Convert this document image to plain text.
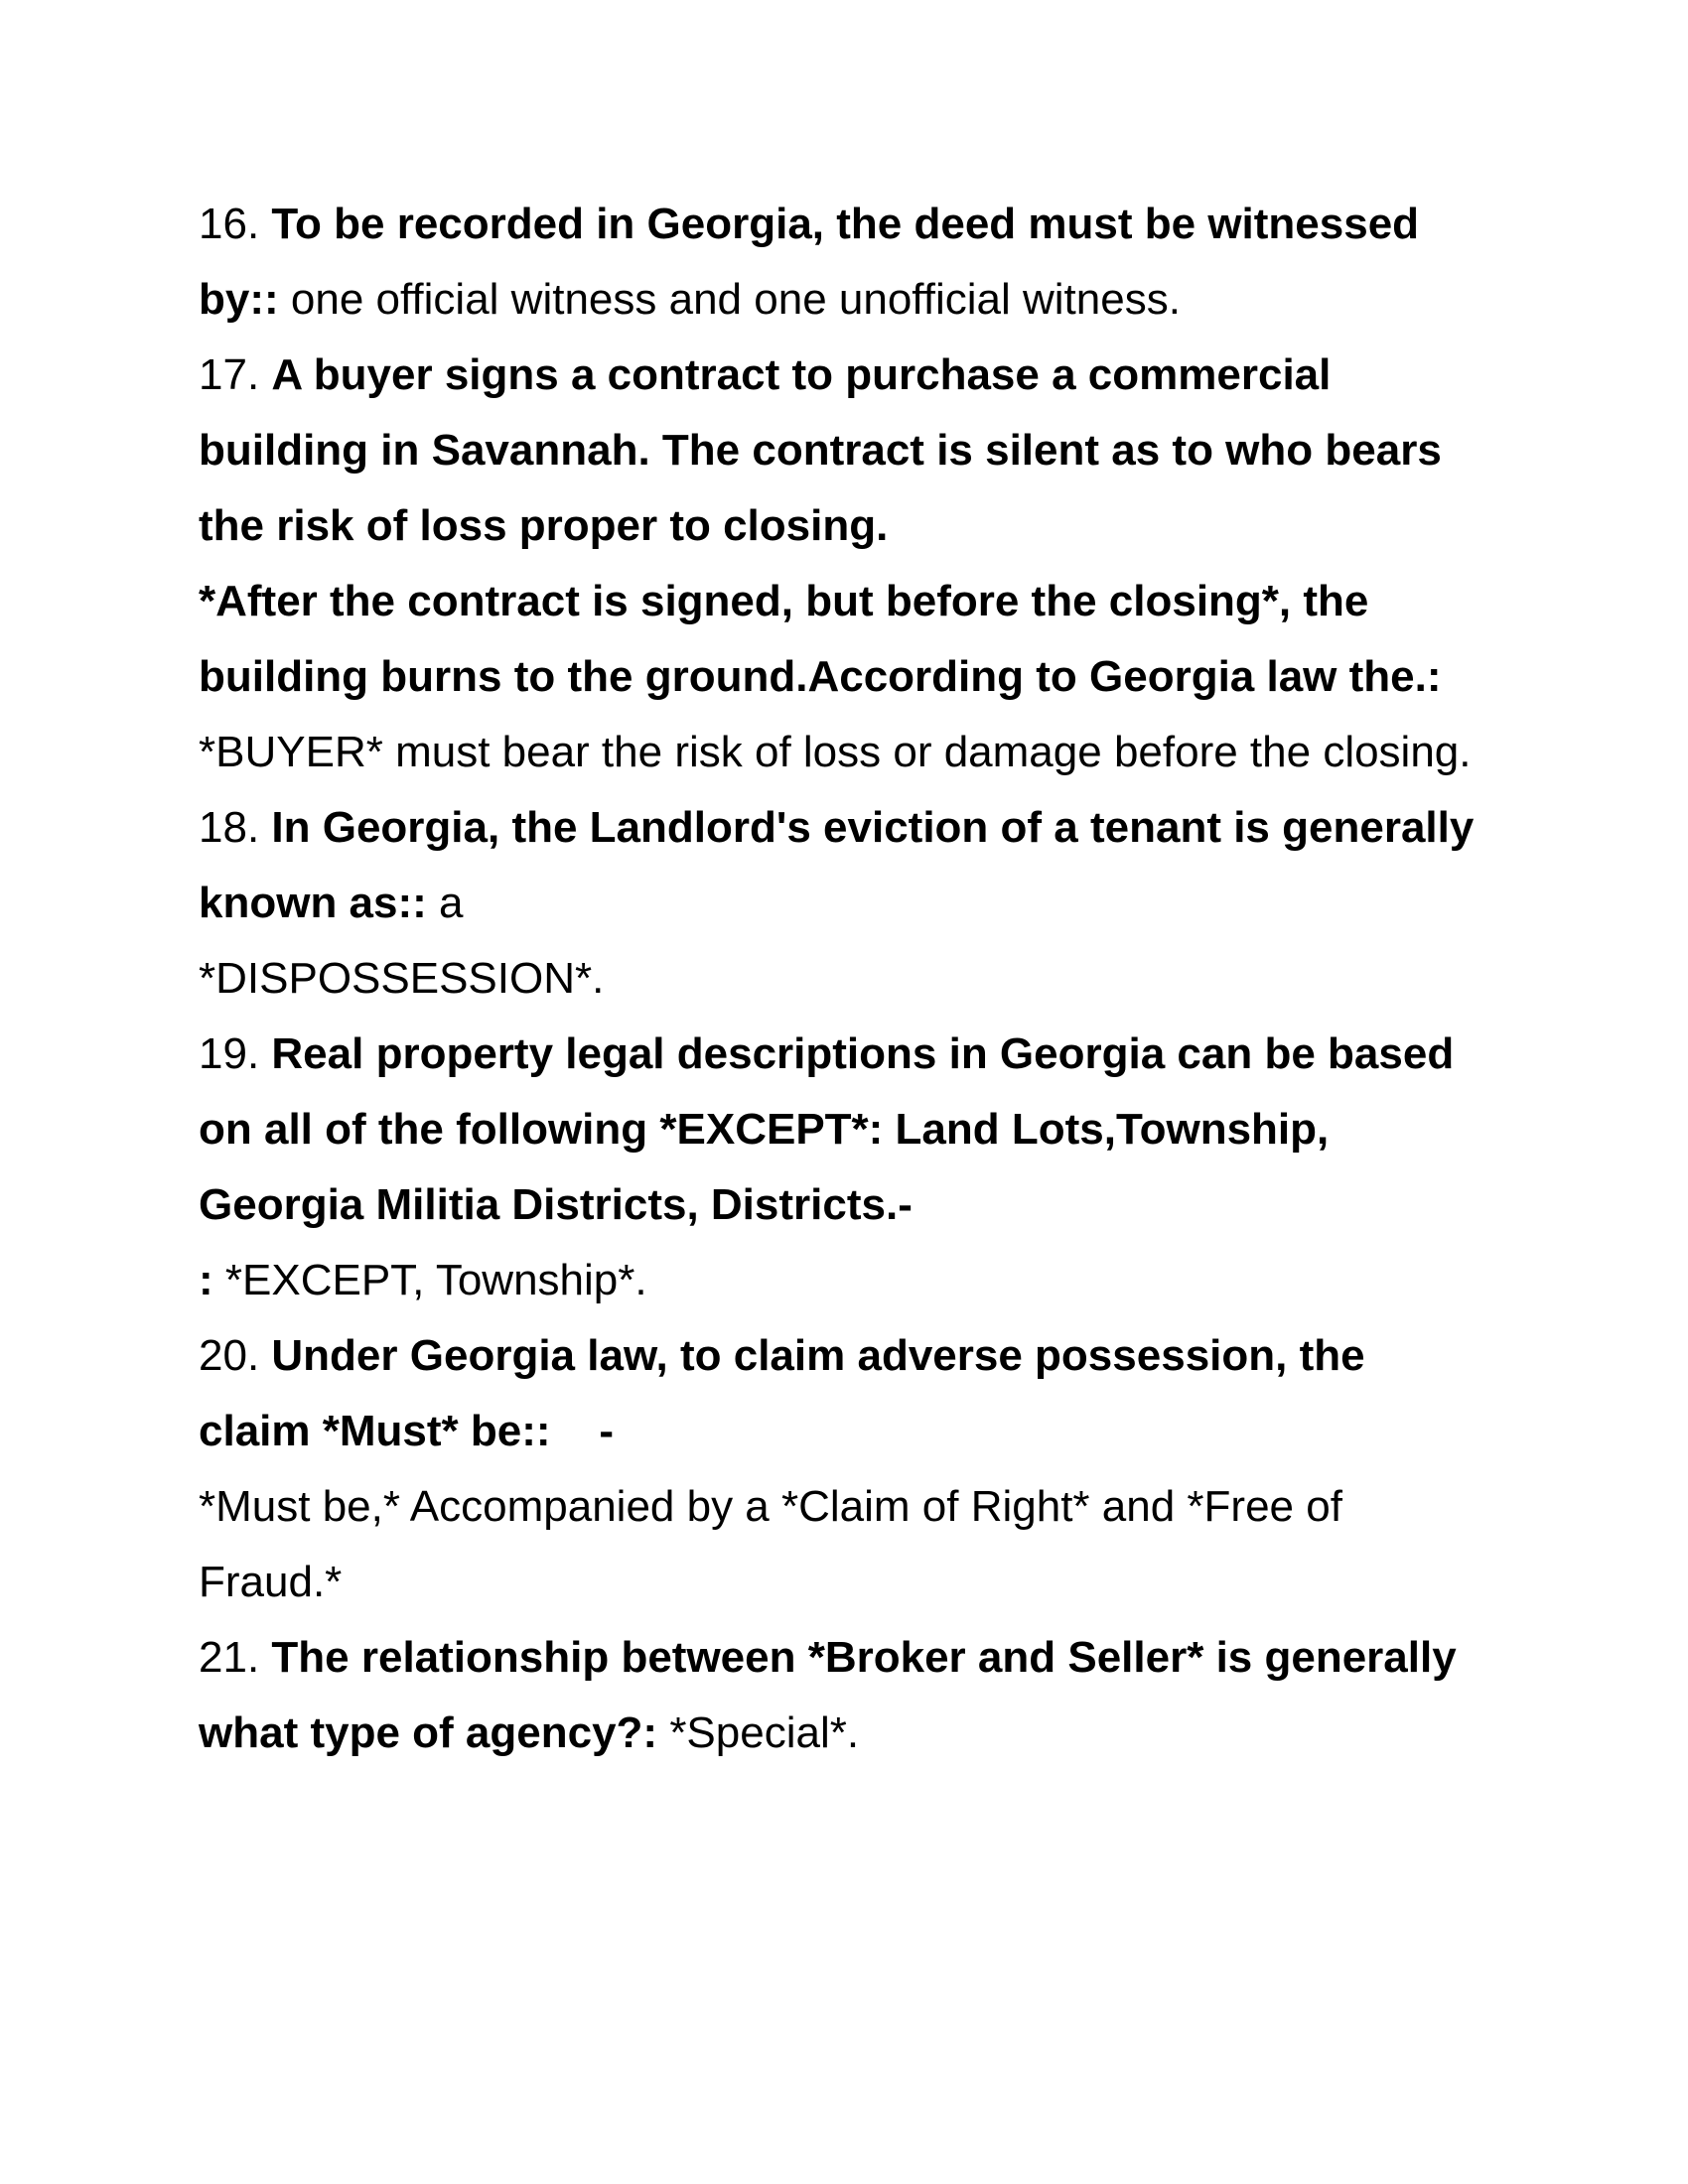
16. To be recorded in Georgia, the deed must be witnessed
by:: one official witness and one unofficial witness.
17. A buyer signs a contract to purchase a commercial
building in Savannah. The contract is silent as to who bears
the risk of loss proper to closing.
*After the contract is signed, but before the closing*, the
building burns to the ground.According to Georgia law the.:
*BUYER* must bear the risk of loss or damage before the closing.
18. In Georgia, the Landlord's eviction of a tenant is generally
known as:: a
*DISPOSSESSION*.
19. Real property legal descriptions in Georgia can be based
on all of the following *EXCEPT*: Land Lots,Township,
Georgia Militia Districts, Districts.-
: *EXCEPT, Township*.
20. Under Georgia law, to claim adverse possession, the
claim *Must* be::    -
*Must be,* Accompanied by a *Claim of Right* and *Free of
Fraud.*
21. The relationship between *Broker and Seller* is generally
what type of agency?: *Special*.
